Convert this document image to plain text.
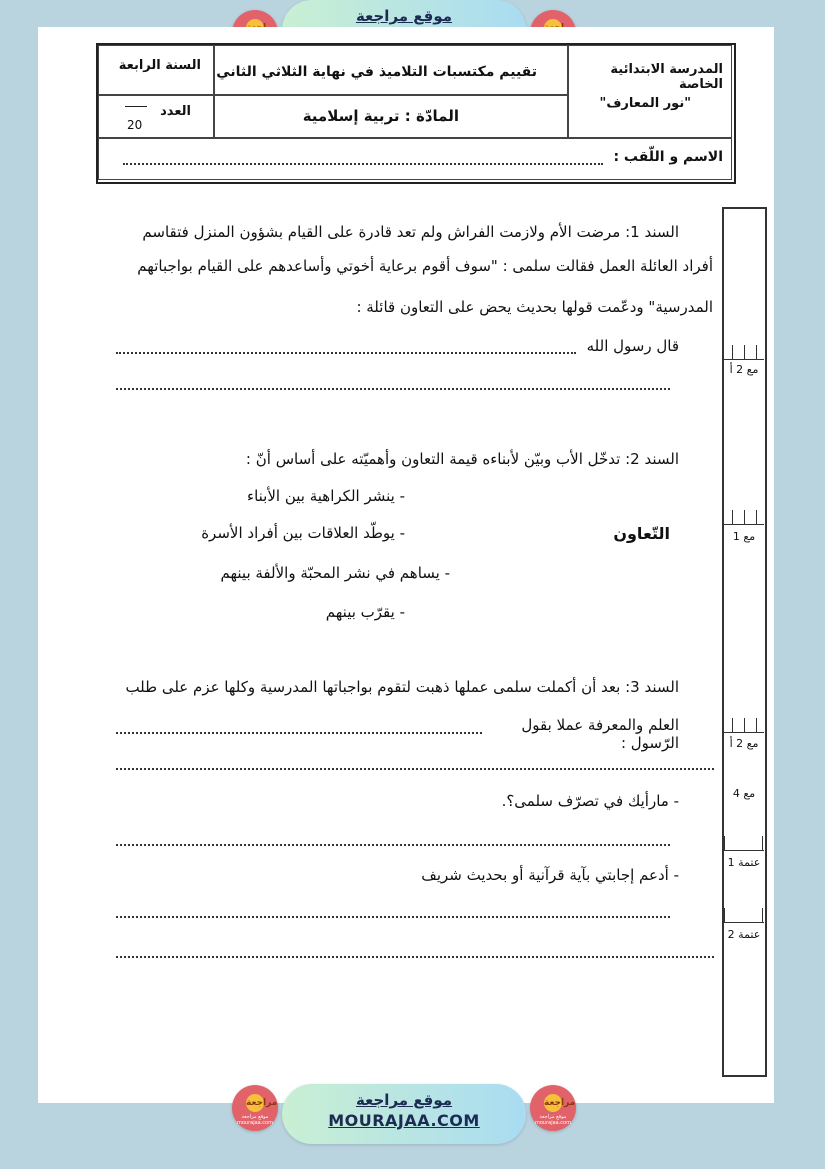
موقع مراجعة
المدرسة الابتدائية الخاصة
"نور المعارف"
تقييم مكتسبات التلاميذ في نهاية الثلاثي الثاني
السنة الرابعة
المادّة : تربية إسلامية
العدد
20
الاسم و اللّقب :
السند 1: مرضت الأم ولازمت الفراش ولم تعد قادرة على القيام بشؤون المنزل فتقاسم
أفراد العائلة العمل فقالت سلمى : "سوف أقوم برعاية أخوتي وأساعدهم على القيام بواجباتهم
المدرسية" ودعّمت قولها بحديث يحض على التعاون قائلة :
قال رسول الله
السند 2: تدخّل الأب وبيّن لأبناءه قيمة التعاون وأهميّته على أساس أنّ :
- ينشر الكراهية بين الأبناء
التّعاون
- يوطّد العلاقات بين أفراد الأسرة
- يساهم في نشر المحبّة والألفة بينهم
- يقرّب بينهم
السند 3: بعد أن أكملت سلمى عملها ذهبت لتقوم بواجباتها المدرسية وكلها عزم على طلب
العلم والمعرفة عملا بقول الرّسول :
- مارأيك في تصرّف سلمى؟.
- أدعم إجابتي بآية قرآنية أو بحديث شريف
مع 2 أ
مع 1
مع 2 أ
مع 4
عتمة 1
عتمة 2
مراجعة
موقع مراجعة
mourajaa.com
موقع مراجعة
MOURAJAA.COM
مراجعة
موقع مراجعة
mourajaa.com
